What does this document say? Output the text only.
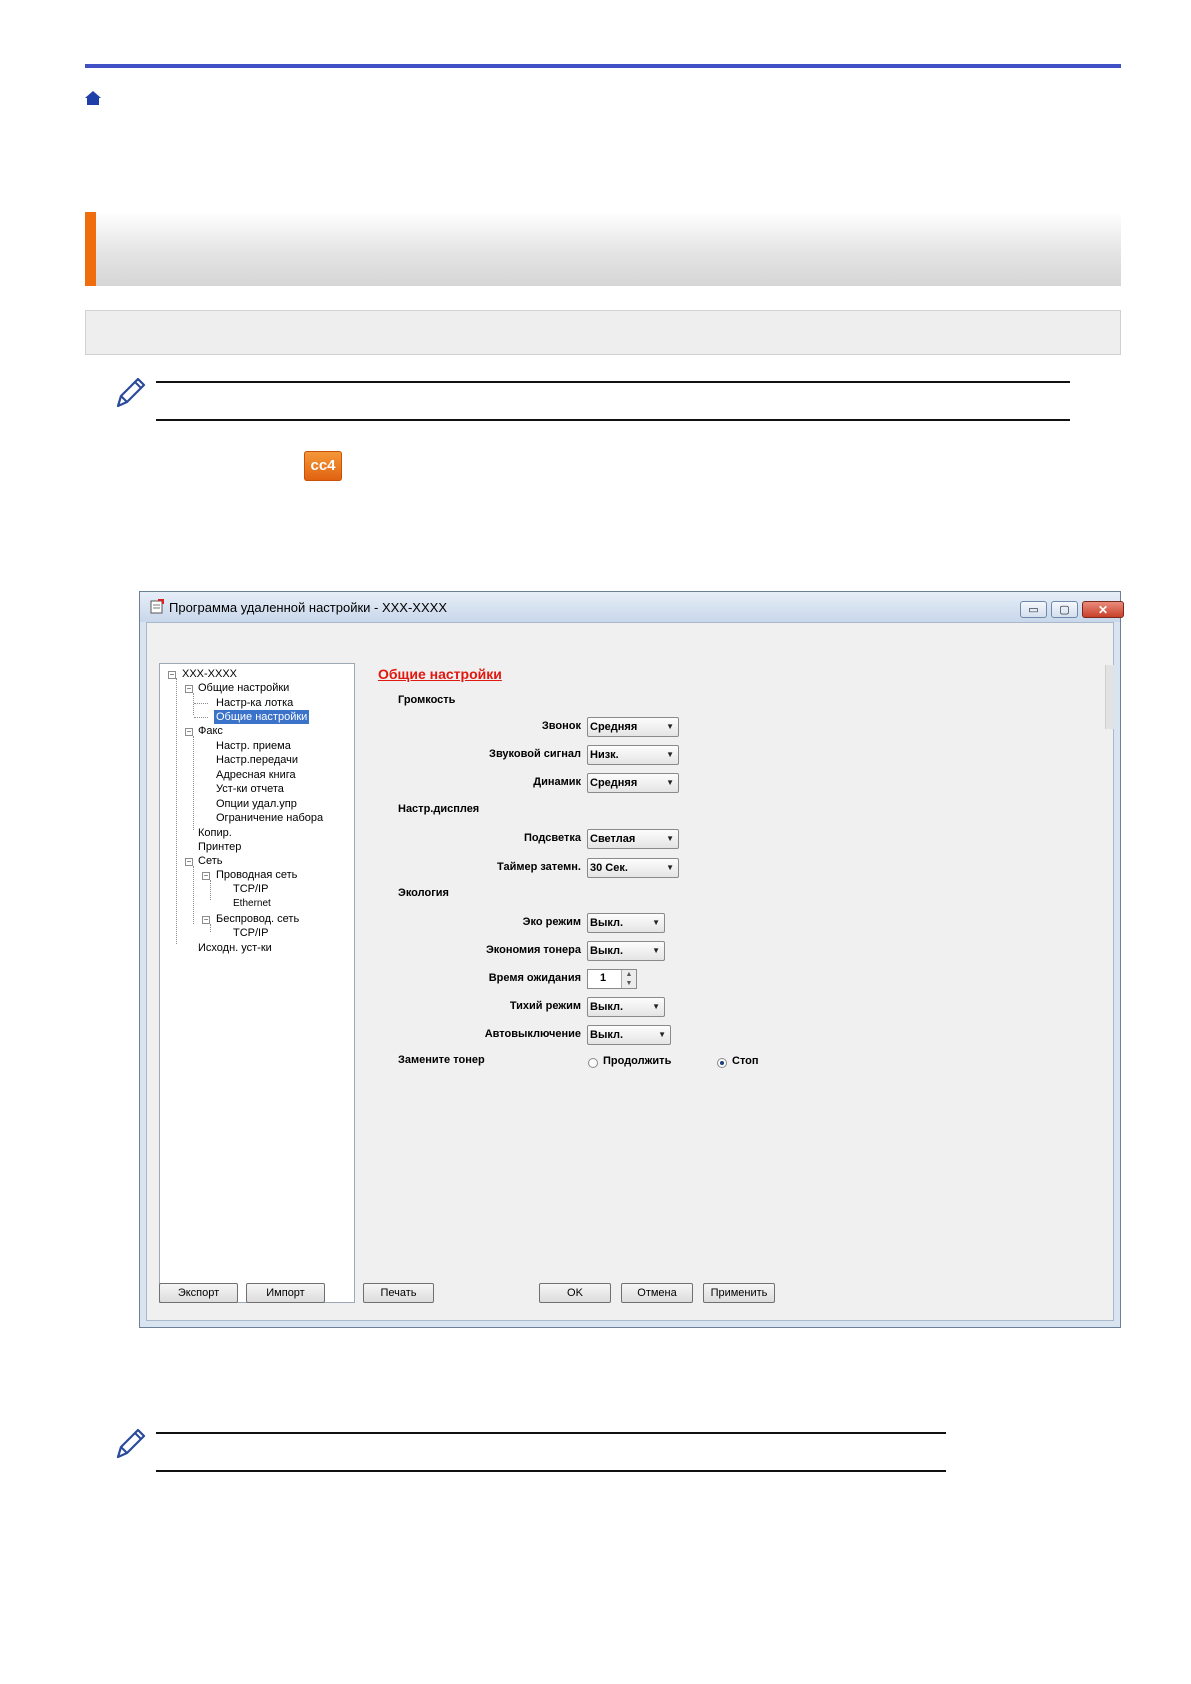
cc4
Программа удаленной настройки - XXX-XXXX	▭	▢	✕
− XXX-XXXX
− Общие настройки
Настр-ка лотка
Общие настройки
− Факс
Настр. приема
Настр.передачи
Адресная книга
Уст-ки отчета
Опции удал.упр
Ограничение набора
Копир.
Принтер
− Сеть
− Проводная сеть
TCP/IP
Ethernet
− Беспровод. сеть
TCP/IP
Исходн. уст-ки
Общие настройки
Громкость
Звонок Средняя	▼
Звуковой сигнал Низк.	▼
Динамик Средняя	▼
Настр.дисплея
Подсветка Светлая	▼
Таймер затемн. 30 Сек.	▼
Экология
Эко режим Выкл.	▼
Экономия тонера Выкл.	▼
Время ожидания 1	▲
▼
Тихий режим Выкл.	▼
Автовыключение Выкл.	▼
Замените тонер	Продолжить	Стоп
Экспорт	Импорт	Печать	OK	Отмена	Применить
